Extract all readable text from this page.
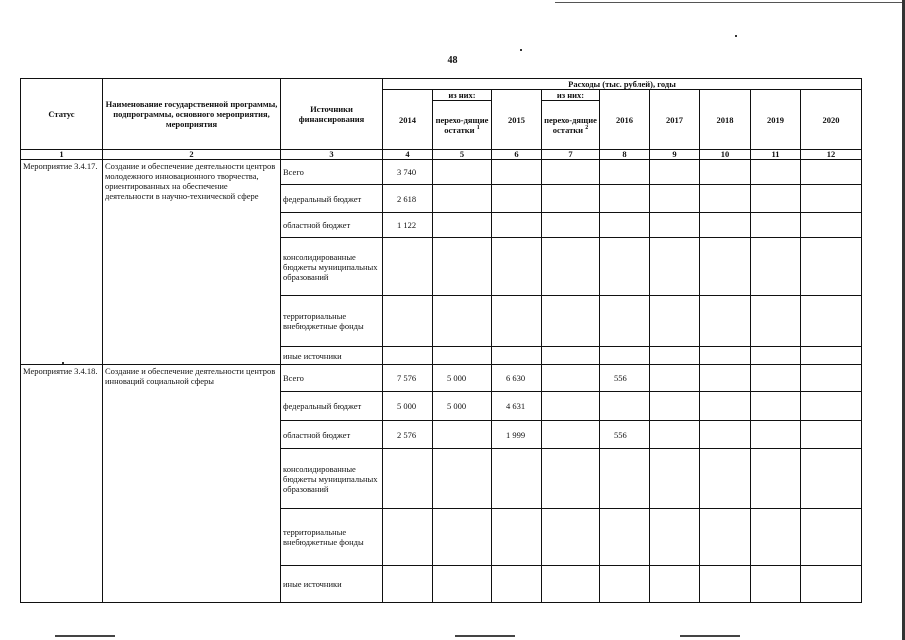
48
Статус	Наименование государственной программы, подпрограммы, основного мероприятия, мероприятия	Источники финансирования	Расходы (тыс. рублей), годы								
			2014	из них:	2015	из них:	2016	2017	2018	2019	2020
				перехо-дящие остатки $^1$		перехо-дящие остатки $^2$
1	2	3	4	5	6	7	8	9	10	11	12
Мероприятие 3.4.17.	Создание и обеспечение деятельности центров молодежного инновационного творчества, ориентированных на обеспечение деятельности в научно-технической сфере	Всего	3 740								
		федеральный бюджет	2 618								
		областной бюджет	1 122								
		консолидированные бюджеты муниципальных образований									
		территориальные внебюджетные фонды									
		иные источники									
Мероприятие 3.4.18.	Создание и обеспечение деятельности центров инноваций социальной сферы	Всего	7 576	5 000	6 630		556				
		федеральный бюджет	5 000	5 000	4 631						
		областной бюджет	2 576		1 999		556				
		консолидированные бюджеты муниципальных образований									
		территориальные внебюджетные фонды									
		иные источники									
